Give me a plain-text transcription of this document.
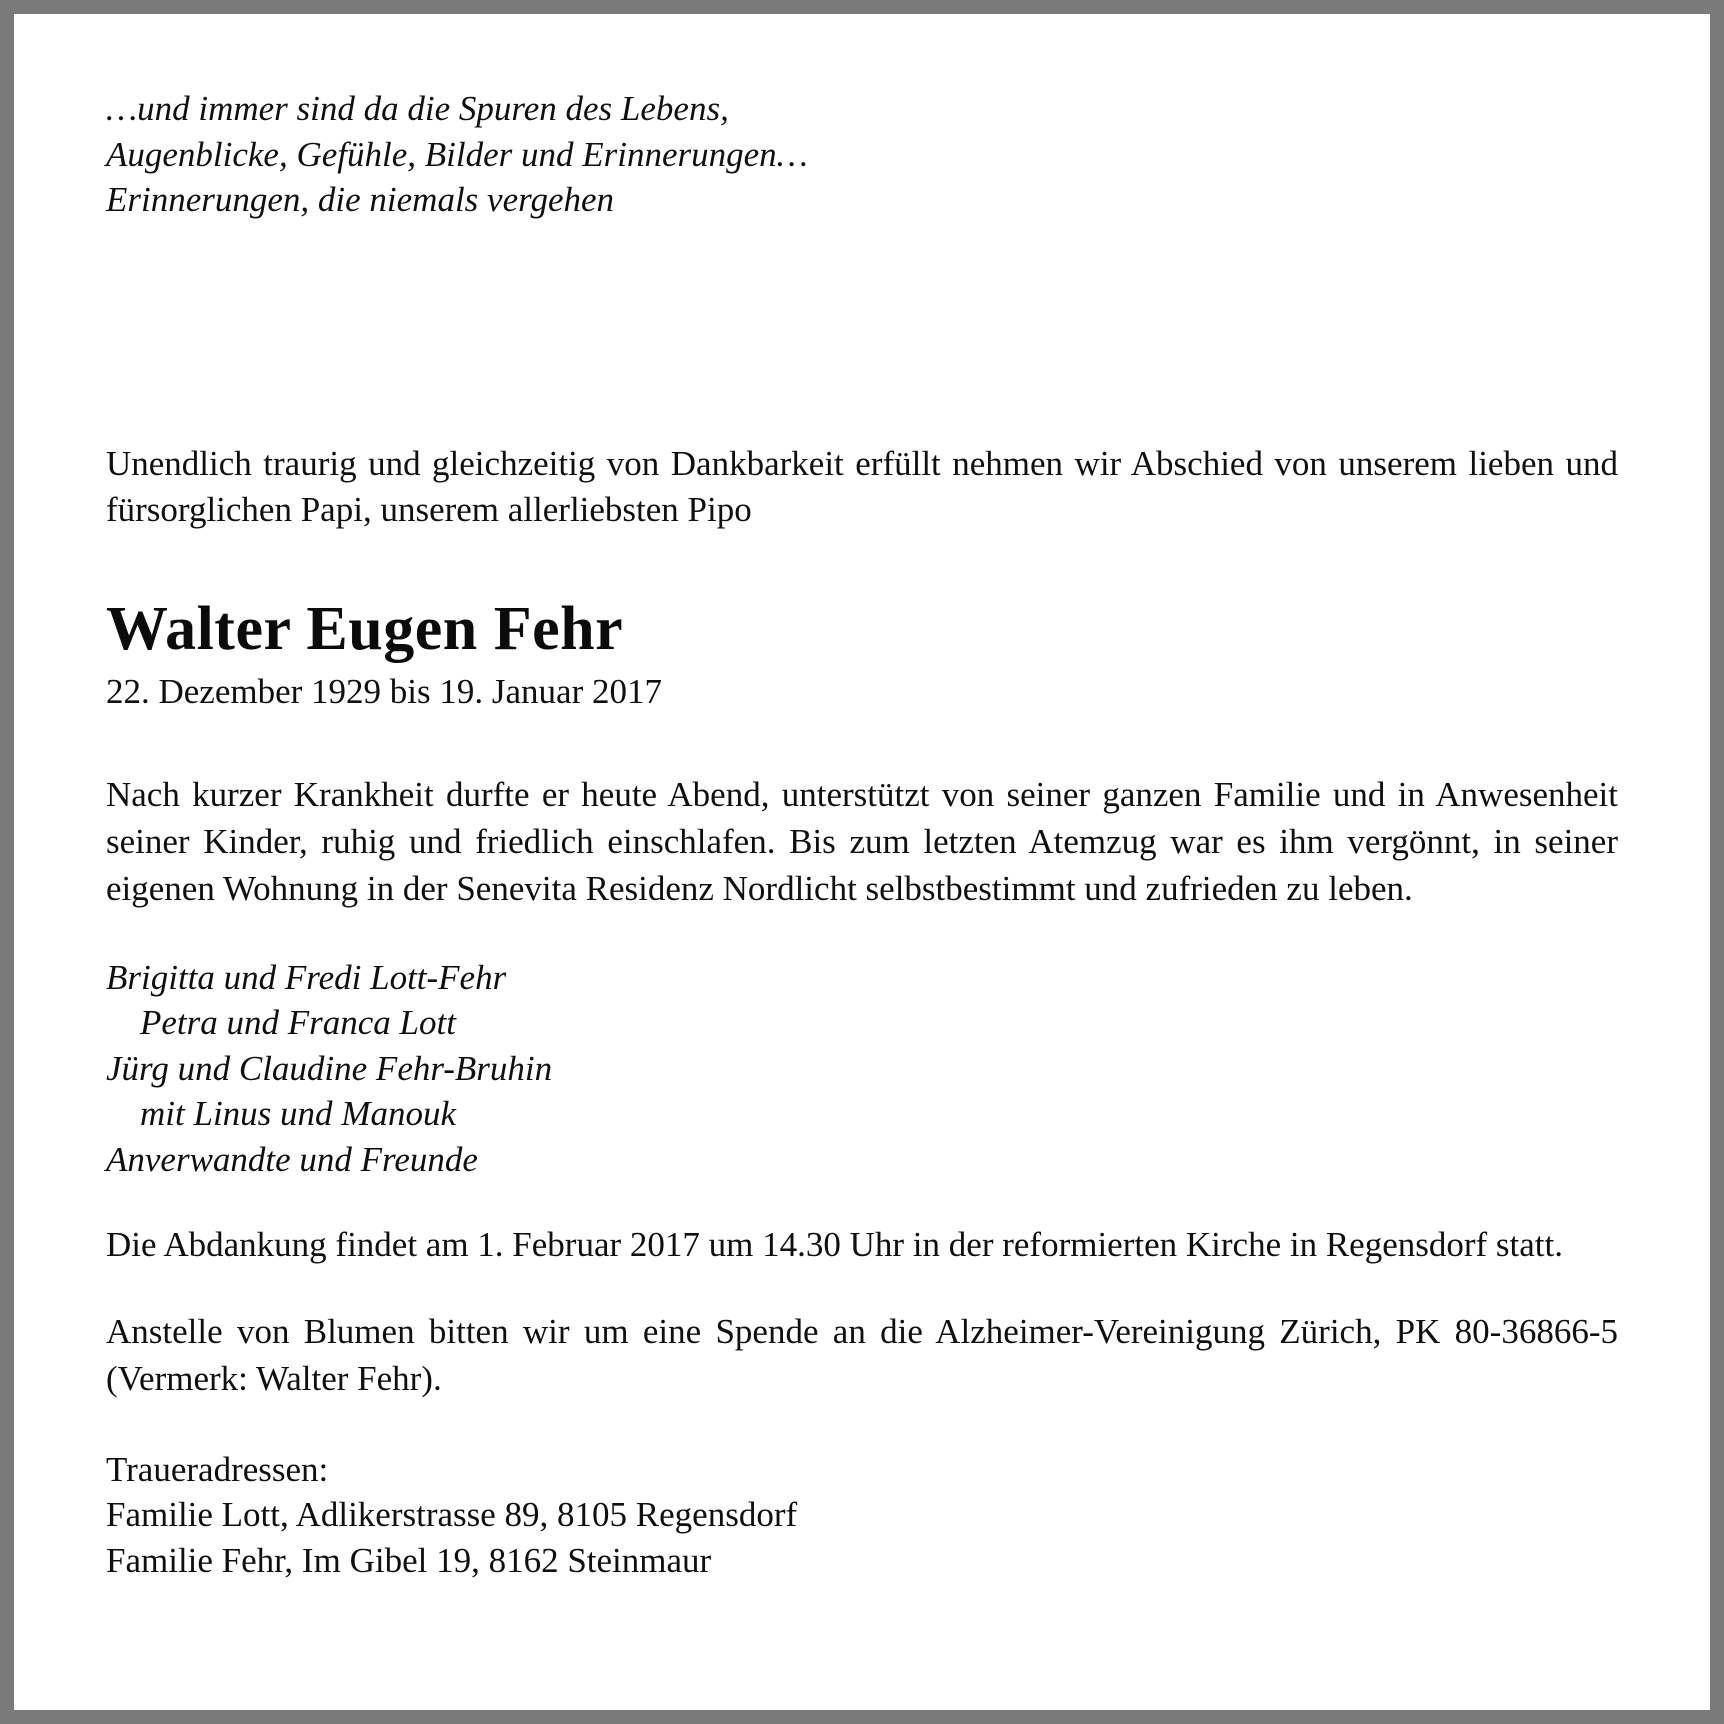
…und immer sind da die Spuren des Lebens,
Augenblicke, Gefühle, Bilder und Erinnerungen…
Erinnerungen, die niemals vergehen

Unendlich traurig und gleichzeitig von Dankbarkeit erfüllt nehmen wir Abschied von unserem lieben und fürsorglichen Papi, unserem allerliebsten Pipo

Walter Eugen Fehr
22. Dezember 1929 bis 19. Januar 2017

Nach kurzer Krankheit durfte er heute Abend, unterstützt von seiner ganzen Familie und in Anwesenheit seiner Kinder, ruhig und friedlich einschlafen. Bis zum letzten Atemzug war es ihm vergönnt, in seiner eigenen Wohnung in der Senevita Residenz Nordlicht selbstbestimmt und zufrieden zu leben.

Brigitta und Fredi Lott-Fehr
Petra und Franca Lott
Jürg und Claudine Fehr-Bruhin
mit Linus und Manouk
Anverwandte und Freunde

Die Abdankung findet am 1. Februar 2017 um 14.30 Uhr in der reformierten Kirche in Regensdorf statt.

Anstelle von Blumen bitten wir um eine Spende an die Alzheimer-Vereinigung Zürich, PK 80-36866-5 (Vermerk: Walter Fehr).

Traueradressen:
Familie Lott, Adlikerstrasse 89, 8105 Regensdorf
Familie Fehr, Im Gibel 19, 8162 Steinmaur
